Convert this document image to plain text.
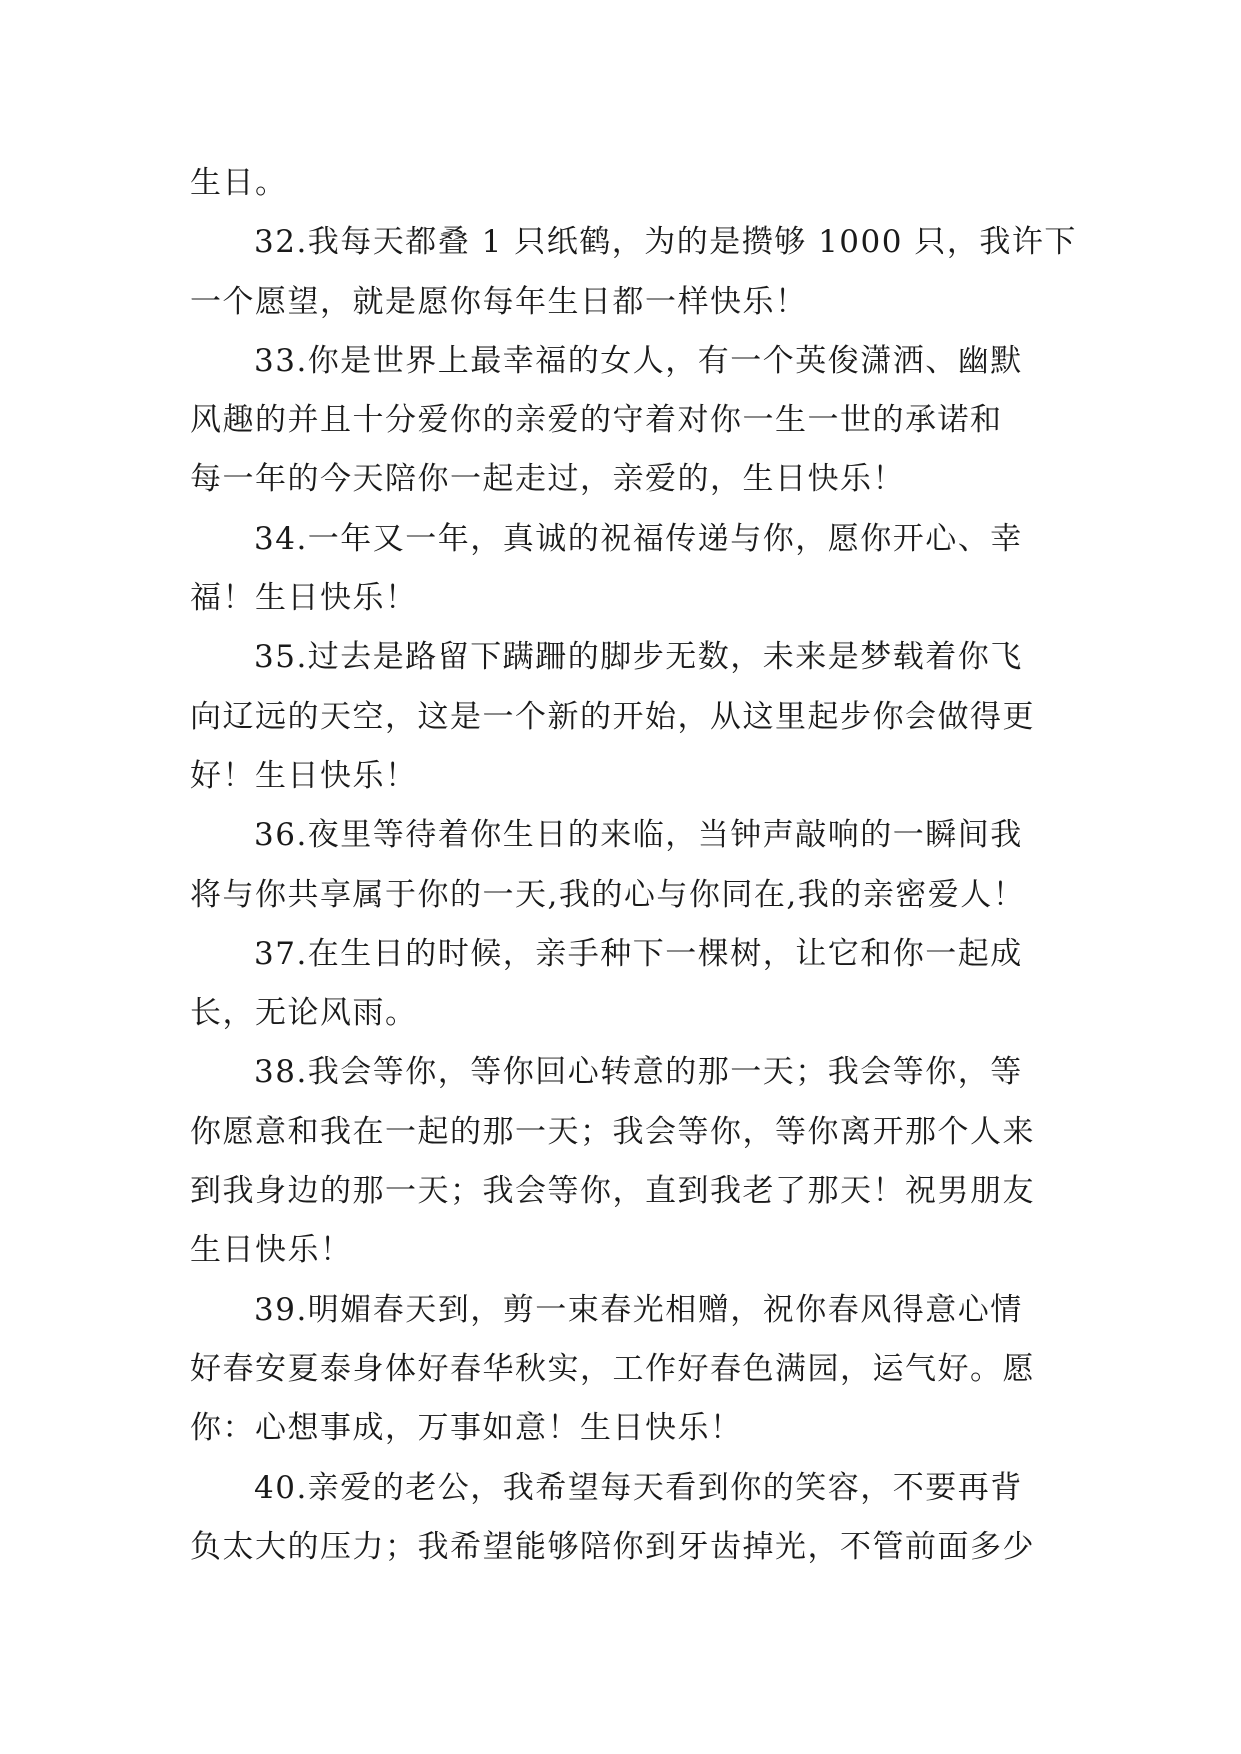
生日。

32.我每天都叠 1 只纸鹤，为的是攒够 1000 只，我许下
一个愿望，就是愿你每年生日都一样快乐！

33.你是世界上最幸福的女人，有一个英俊潇洒、幽默
风趣的并且十分爱你的亲爱的守着对你一生一世的承诺和
每一年的今天陪你一起走过，亲爱的，生日快乐！

34.一年又一年，真诚的祝福传递与你，愿你开心、幸
福！生日快乐！

35.过去是路留下蹒跚的脚步无数，未来是梦载着你飞
向辽远的天空，这是一个新的开始，从这里起步你会做得更
好！生日快乐！

36.夜里等待着你生日的来临，当钟声敲响的一瞬间我
将与你共享属于你的一天,我的心与你同在,我的亲密爱人！

37.在生日的时候，亲手种下一棵树，让它和你一起成
长，无论风雨。

38.我会等你，等你回心转意的那一天；我会等你，等
你愿意和我在一起的那一天；我会等你，等你离开那个人来
到我身边的那一天；我会等你，直到我老了那天！祝男朋友
生日快乐！

39.明媚春天到，剪一束春光相赠，祝你春风得意心情
好春安夏泰身体好春华秋实，工作好春色满园，运气好。愿
你：心想事成，万事如意！生日快乐！

40.亲爱的老公，我希望每天看到你的笑容，不要再背
负太大的压力；我希望能够陪你到牙齿掉光，不管前面多少
